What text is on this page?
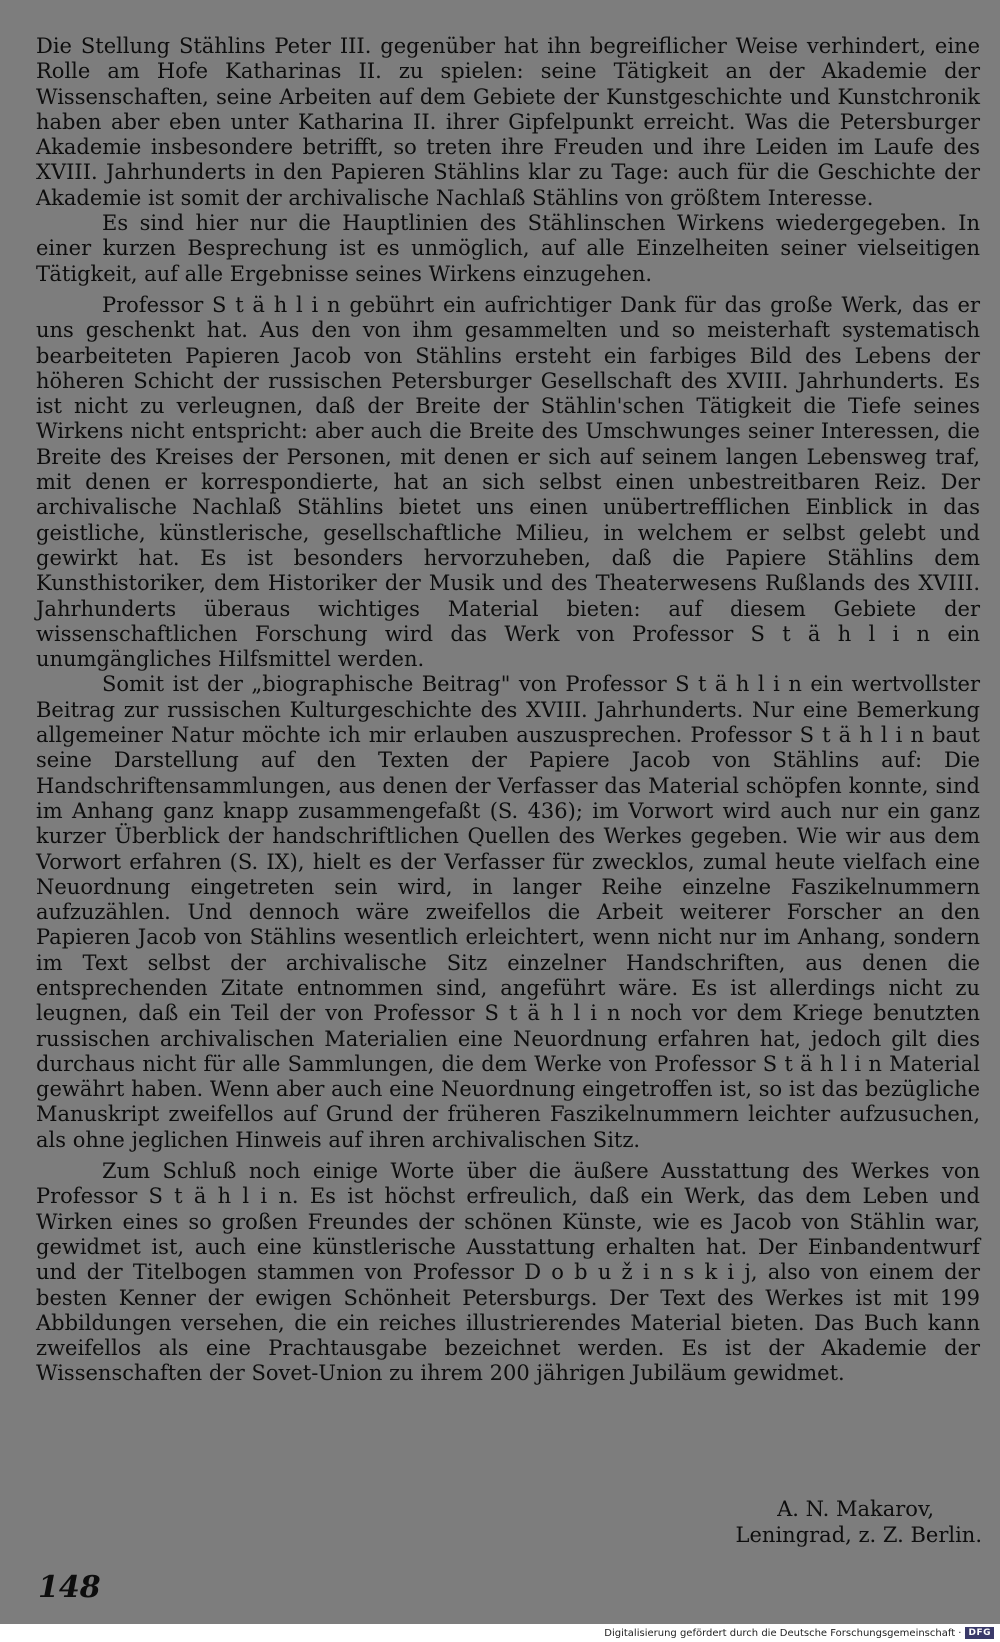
Die Stellung Stählins Peter III. gegenüber hat ihn begreiflicher Weise verhindert, eine Rolle am Hofe Katharinas II. zu spielen: seine Tätigkeit an der Akademie der Wissenschaften, seine Arbeiten auf dem Gebiete der Kunstgeschichte und Kunstchronik haben aber eben unter Katharina II. ihrer Gipfelpunkt erreicht. Was die Petersburger Akademie insbesondere betrifft, so treten ihre Freuden und ihre Leiden im Laufe des XVIII. Jahrhunderts in den Papieren Stählins klar zu Tage: auch für die Geschichte der Akademie ist somit der archivalische Nachlaß Stählins von größtem Interesse.

Es sind hier nur die Hauptlinien des Stählinschen Wirkens wiedergegeben. In einer kurzen Besprechung ist es unmöglich, auf alle Einzelheiten seiner vielseitigen Tätigkeit, auf alle Ergebnisse seines Wirkens einzugehen.

Professor S t ä h l i n gebührt ein aufrichtiger Dank für das große Werk, das er uns geschenkt hat. Aus den von ihm gesammelten und so meisterhaft systematisch bearbeiteten Papieren Jacob von Stählins ersteht ein farbiges Bild des Lebens der höheren Schicht der russischen Petersburger Gesellschaft des XVIII. Jahrhunderts. Es ist nicht zu verleugnen, daß der Breite der Stählin'schen Tätigkeit die Tiefe seines Wirkens nicht entspricht: aber auch die Breite des Umschwunges seiner Interessen, die Breite des Kreises der Personen, mit denen er sich auf seinem langen Lebensweg traf, mit denen er korrespondierte, hat an sich selbst einen unbestreitbaren Reiz. Der archivalische Nachlaß Stählins bietet uns einen unübertrefflichen Einblick in das geistliche, künstlerische, gesellschaftliche Milieu, in welchem er selbst gelebt und gewirkt hat. Es ist besonders hervorzuheben, daß die Papiere Stählins dem Kunsthistoriker, dem Historiker der Musik und des Theaterwesens Rußlands des XVIII. Jahrhunderts überaus wichtiges Material bieten: auf diesem Gebiete der wissenschaftlichen Forschung wird das Werk von Professor S t ä h l i n ein unumgängliches Hilfsmittel werden.

Somit ist der „biographische Beitrag" von Professor S t ä h l i n ein wertvollster Beitrag zur russischen Kulturgeschichte des XVIII. Jahrhunderts. Nur eine Bemerkung allgemeiner Natur möchte ich mir erlauben auszusprechen. Professor S t ä h l i n baut seine Darstellung auf den Texten der Papiere Jacob von Stählins auf: Die Handschriftensammlungen, aus denen der Verfasser das Material schöpfen konnte, sind im Anhang ganz knapp zusammengefaßt (S. 436); im Vorwort wird auch nur ein ganz kurzer Überblick der handschriftlichen Quellen des Werkes gegeben. Wie wir aus dem Vorwort erfahren (S. IX), hielt es der Verfasser für zwecklos, zumal heute vielfach eine Neuordnung eingetreten sein wird, in langer Reihe einzelne Faszikelnummern aufzuzählen. Und dennoch wäre zweifellos die Arbeit weiterer Forscher an den Papieren Jacob von Stählins wesentlich erleichtert, wenn nicht nur im Anhang, sondern im Text selbst der archivalische Sitz einzelner Handschriften, aus denen die entsprechenden Zitate entnommen sind, angeführt wäre. Es ist allerdings nicht zu leugnen, daß ein Teil der von Professor S t ä h l i n noch vor dem Kriege benutzten russischen archivalischen Materialien eine Neuordnung erfahren hat, jedoch gilt dies durchaus nicht für alle Sammlungen, die dem Werke von Professor S t ä h l i n Material gewährt haben. Wenn aber auch eine Neuordnung eingetroffen ist, so ist das bezügliche Manuskript zweifellos auf Grund der früheren Faszikelnummern leichter aufzusuchen, als ohne jeglichen Hinweis auf ihren archivalischen Sitz.

Zum Schluß noch einige Worte über die äußere Ausstattung des Werkes von Professor S t ä h l i n. Es ist höchst erfreulich, daß ein Werk, das dem Leben und Wirken eines so großen Freundes der schönen Künste, wie es Jacob von Stählin war, gewidmet ist, auch eine künstlerische Ausstattung erhalten hat. Der Einbandentwurf und der Titelbogen stammen von Professor D o b u ž i n s k i j, also von einem der besten Kenner der ewigen Schönheit Petersburgs. Der Text des Werkes ist mit 199 Abbildungen versehen, die ein reiches illustrierendes Material bieten. Das Buch kann zweifellos als eine Prachtausgabe bezeichnet werden. Es ist der Akademie der Wissenschaften der Sovet-Union zu ihrem 200 jährigen Jubiläum gewidmet.

A. N. Makarov,
Leningrad, z. Z. Berlin.
148
Digitalisierung gefördert durch die Deutsche Forschungsgemeinschaft · DFG
